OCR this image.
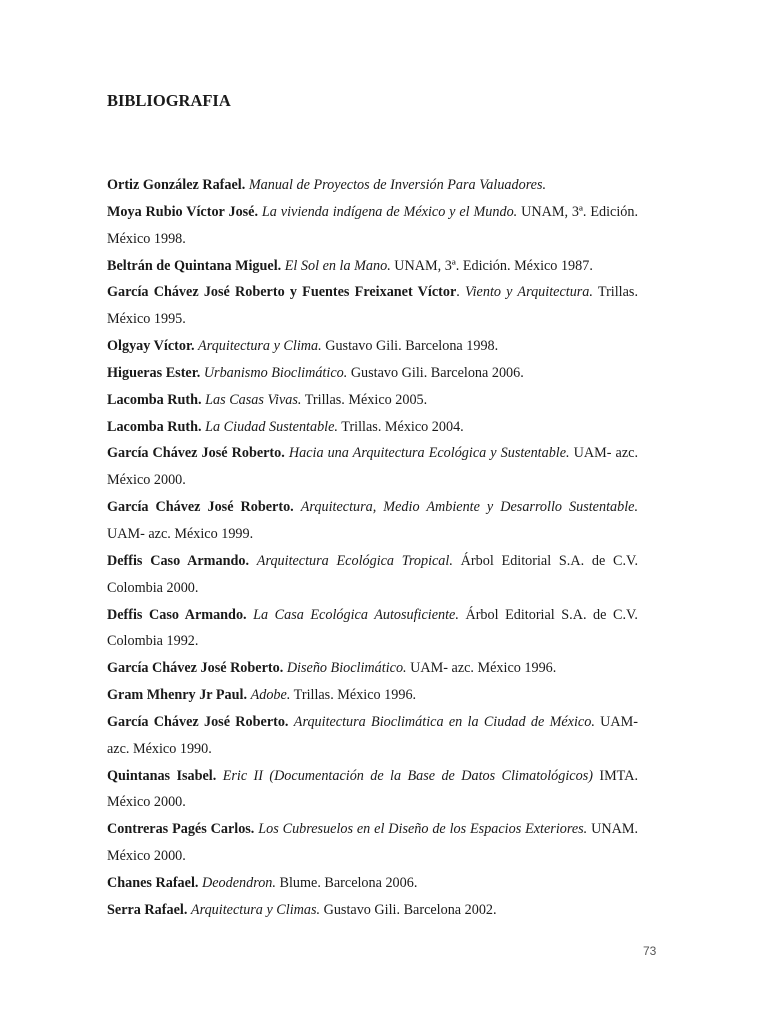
BIBLIOGRAFIA
Ortiz González Rafael. Manual de Proyectos de Inversión Para Valuadores.
Moya Rubio Víctor José. La vivienda indígena de México y el Mundo. UNAM, 3ª. Edición. México 1998.
Beltrán de Quintana Miguel. El Sol en la Mano. UNAM, 3ª. Edición. México 1987.
García Chávez José Roberto y Fuentes Freixanet Víctor. Viento y Arquitectura. Trillas. México 1995.
Olgyay Víctor. Arquitectura y Clima. Gustavo Gili. Barcelona 1998.
Higueras Ester. Urbanismo Bioclimático. Gustavo Gili. Barcelona 2006.
Lacomba Ruth. Las Casas Vivas. Trillas. México 2005.
Lacomba Ruth. La Ciudad Sustentable. Trillas. México 2004.
García Chávez José Roberto. Hacia una Arquitectura Ecológica y Sustentable. UAM- azc. México 2000.
García Chávez José Roberto. Arquitectura, Medio Ambiente y Desarrollo Sustentable. UAM- azc. México 1999.
Deffis Caso Armando. Arquitectura Ecológica Tropical. Árbol Editorial S.A. de C.V. Colombia 2000.
Deffis Caso Armando. La Casa Ecológica Autosuficiente. Árbol Editorial S.A. de C.V. Colombia 1992.
García Chávez José Roberto. Diseño Bioclimático. UAM- azc. México 1996.
Gram Mhenry Jr Paul. Adobe. Trillas. México 1996.
García Chávez José Roberto. Arquitectura Bioclimática en la Ciudad de México. UAM- azc. México 1990.
Quintanas Isabel. Eric II (Documentación de la Base de Datos Climatológicos) IMTA. México 2000.
Contreras Pagés Carlos. Los Cubresuelos en el Diseño de los Espacios Exteriores. UNAM. México 2000.
Chanes Rafael. Deodendron. Blume. Barcelona 2006.
Serra Rafael. Arquitectura y Climas. Gustavo Gili. Barcelona 2002.
73
